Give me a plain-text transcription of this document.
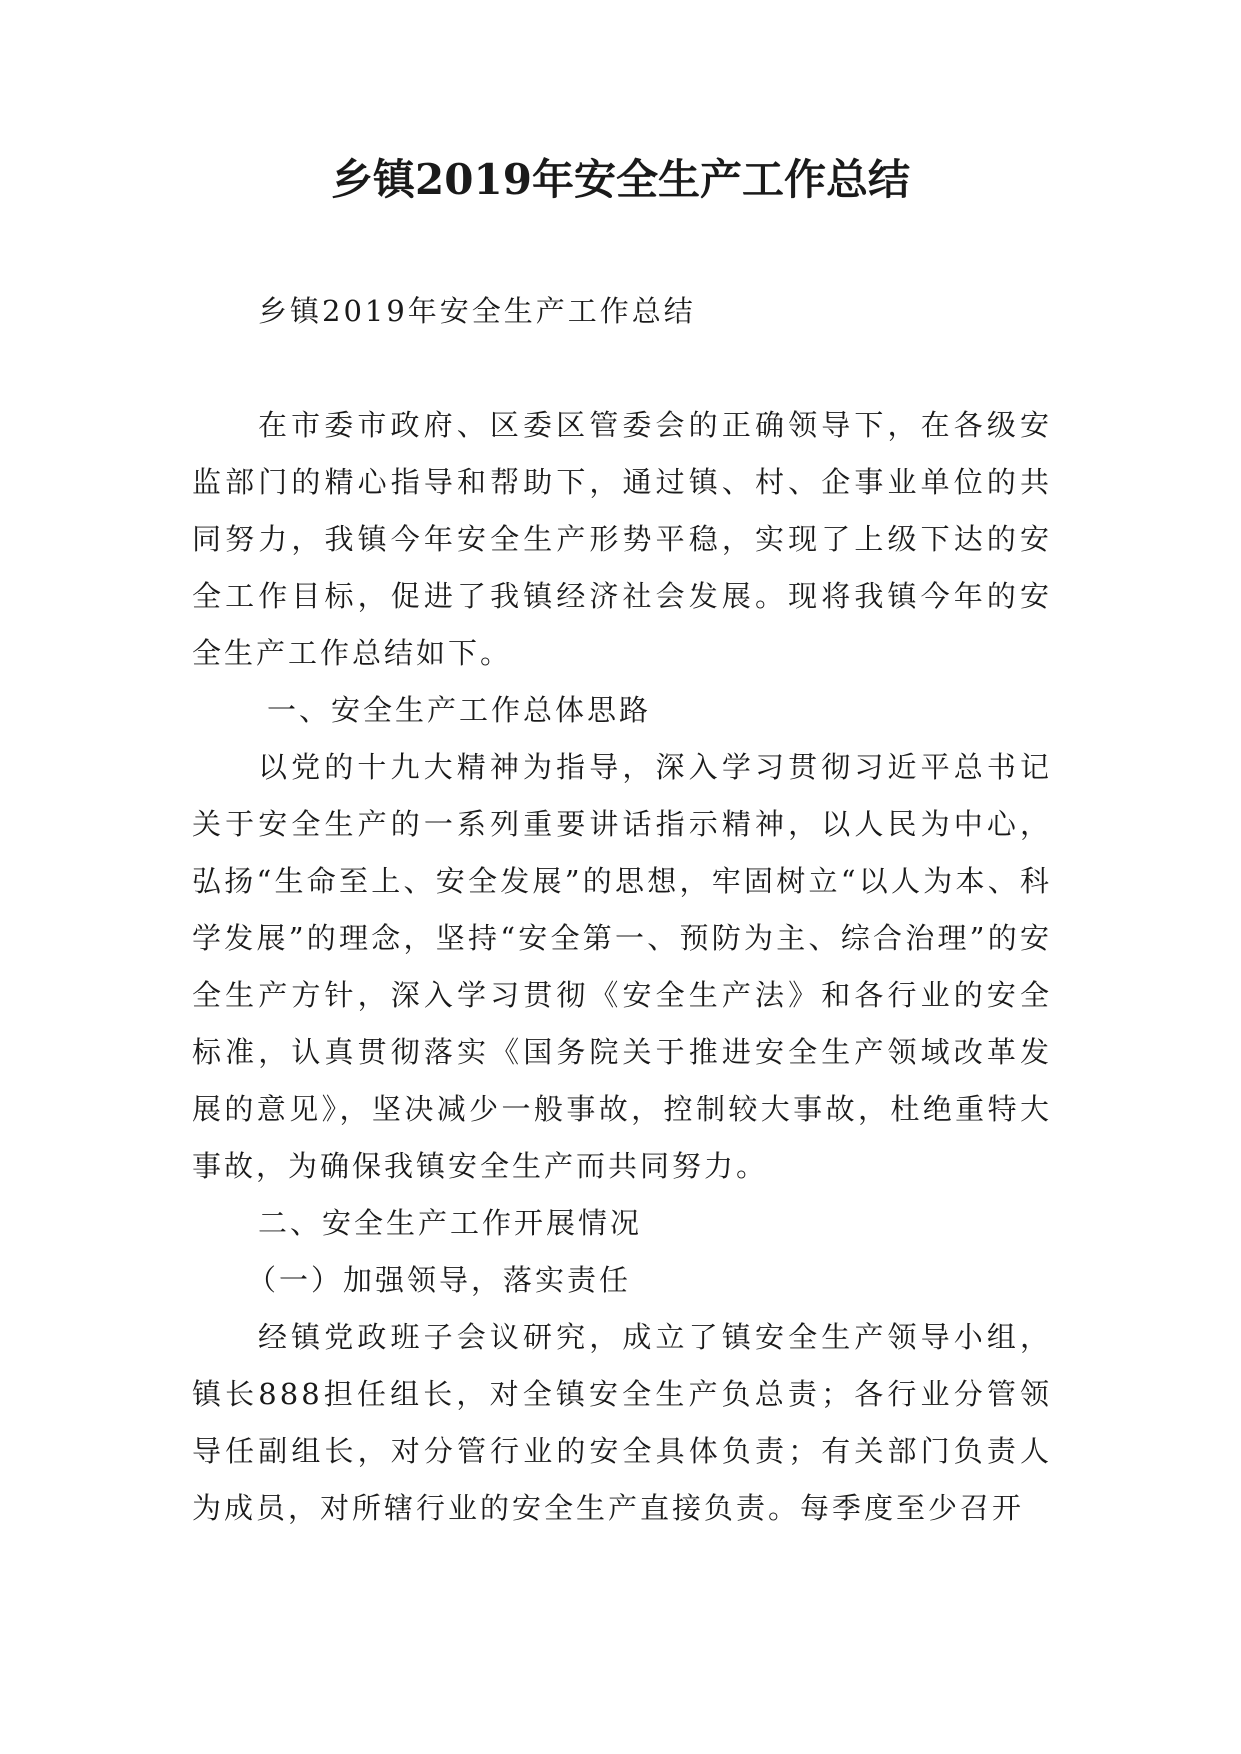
乡镇2019年安全生产工作总结

乡镇2019年安全生产工作总结

在市委市政府、区委区管委会的正确领导下，在各级安监部门的精心指导和帮助下，通过镇、村、企事业单位的共同努力，我镇今年安全生产形势平稳，实现了上级下达的安全工作目标，促进了我镇经济社会发展。现将我镇今年的安全生产工作总结如下。

一、安全生产工作总体思路

以党的十九大精神为指导，深入学习贯彻习近平总书记关于安全生产的一系列重要讲话指示精神，以人民为中心，弘扬“生命至上、安全发展”的思想，牢固树立“以人为本、科学发展”的理念，坚持“安全第一、预防为主、综合治理”的安全生产方针，深入学习贯彻《安全生产法》和各行业的安全标准，认真贯彻落实《国务院关于推进安全生产领域改革发展的意见》，坚决减少一般事故，控制较大事故，杜绝重特大事故，为确保我镇安全生产而共同努力。

二、安全生产工作开展情况

（一）加强领导，落实责任

经镇党政班子会议研究，成立了镇安全生产领导小组，镇长888担任组长，对全镇安全生产负总责；各行业分管领导任副组长，对分管行业的安全具体负责；有关部门负责人为成员，对所辖行业的安全生产直接负责。每季度至少召开
